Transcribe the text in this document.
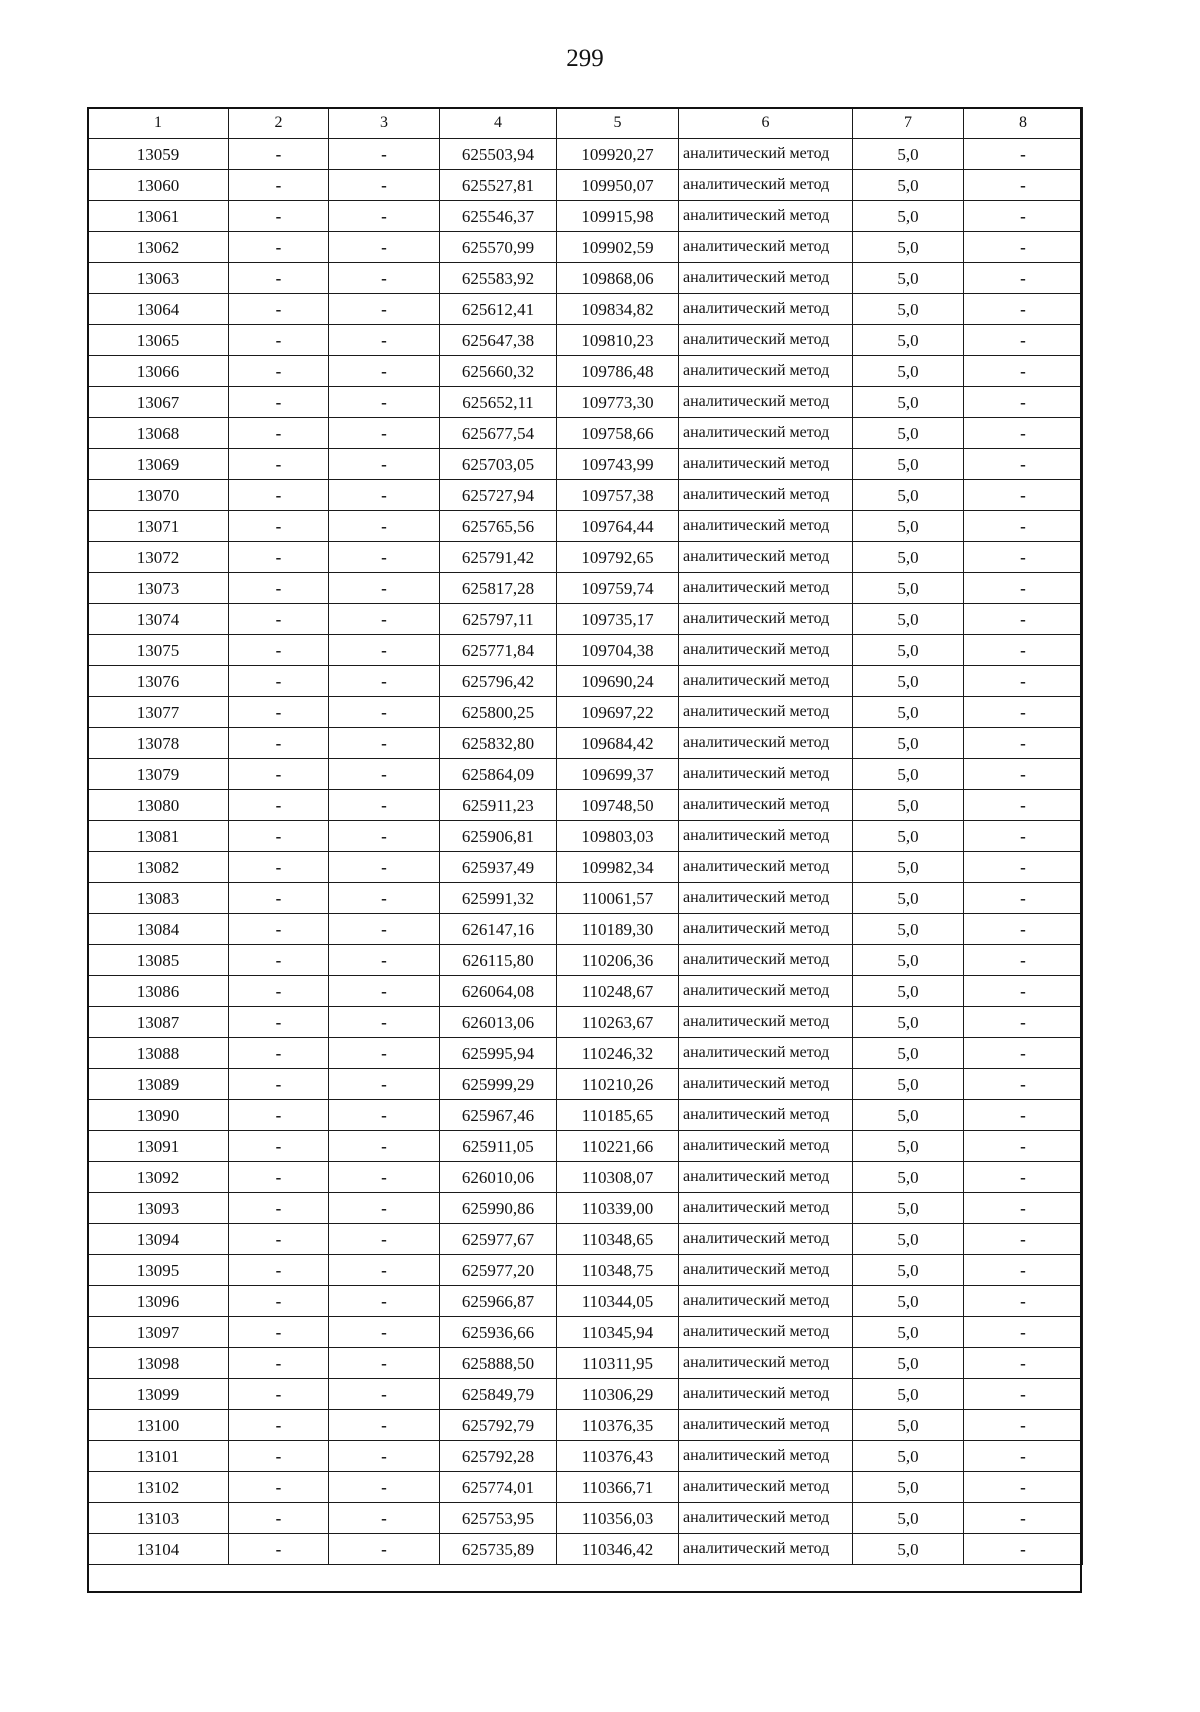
299
1	2	3	4	5	6	7	8
13059	-	-	625503,94	109920,27	аналитический метод	5,0	-
13060	-	-	625527,81	109950,07	аналитический метод	5,0	-
13061	-	-	625546,37	109915,98	аналитический метод	5,0	-
13062	-	-	625570,99	109902,59	аналитический метод	5,0	-
13063	-	-	625583,92	109868,06	аналитический метод	5,0	-
13064	-	-	625612,41	109834,82	аналитический метод	5,0	-
13065	-	-	625647,38	109810,23	аналитический метод	5,0	-
13066	-	-	625660,32	109786,48	аналитический метод	5,0	-
13067	-	-	625652,11	109773,30	аналитический метод	5,0	-
13068	-	-	625677,54	109758,66	аналитический метод	5,0	-
13069	-	-	625703,05	109743,99	аналитический метод	5,0	-
13070	-	-	625727,94	109757,38	аналитический метод	5,0	-
13071	-	-	625765,56	109764,44	аналитический метод	5,0	-
13072	-	-	625791,42	109792,65	аналитический метод	5,0	-
13073	-	-	625817,28	109759,74	аналитический метод	5,0	-
13074	-	-	625797,11	109735,17	аналитический метод	5,0	-
13075	-	-	625771,84	109704,38	аналитический метод	5,0	-
13076	-	-	625796,42	109690,24	аналитический метод	5,0	-
13077	-	-	625800,25	109697,22	аналитический метод	5,0	-
13078	-	-	625832,80	109684,42	аналитический метод	5,0	-
13079	-	-	625864,09	109699,37	аналитический метод	5,0	-
13080	-	-	625911,23	109748,50	аналитический метод	5,0	-
13081	-	-	625906,81	109803,03	аналитический метод	5,0	-
13082	-	-	625937,49	109982,34	аналитический метод	5,0	-
13083	-	-	625991,32	110061,57	аналитический метод	5,0	-
13084	-	-	626147,16	110189,30	аналитический метод	5,0	-
13085	-	-	626115,80	110206,36	аналитический метод	5,0	-
13086	-	-	626064,08	110248,67	аналитический метод	5,0	-
13087	-	-	626013,06	110263,67	аналитический метод	5,0	-
13088	-	-	625995,94	110246,32	аналитический метод	5,0	-
13089	-	-	625999,29	110210,26	аналитический метод	5,0	-
13090	-	-	625967,46	110185,65	аналитический метод	5,0	-
13091	-	-	625911,05	110221,66	аналитический метод	5,0	-
13092	-	-	626010,06	110308,07	аналитический метод	5,0	-
13093	-	-	625990,86	110339,00	аналитический метод	5,0	-
13094	-	-	625977,67	110348,65	аналитический метод	5,0	-
13095	-	-	625977,20	110348,75	аналитический метод	5,0	-
13096	-	-	625966,87	110344,05	аналитический метод	5,0	-
13097	-	-	625936,66	110345,94	аналитический метод	5,0	-
13098	-	-	625888,50	110311,95	аналитический метод	5,0	-
13099	-	-	625849,79	110306,29	аналитический метод	5,0	-
13100	-	-	625792,79	110376,35	аналитический метод	5,0	-
13101	-	-	625792,28	110376,43	аналитический метод	5,0	-
13102	-	-	625774,01	110366,71	аналитический метод	5,0	-
13103	-	-	625753,95	110356,03	аналитический метод	5,0	-
13104	-	-	625735,89	110346,42	аналитический метод	5,0	-
